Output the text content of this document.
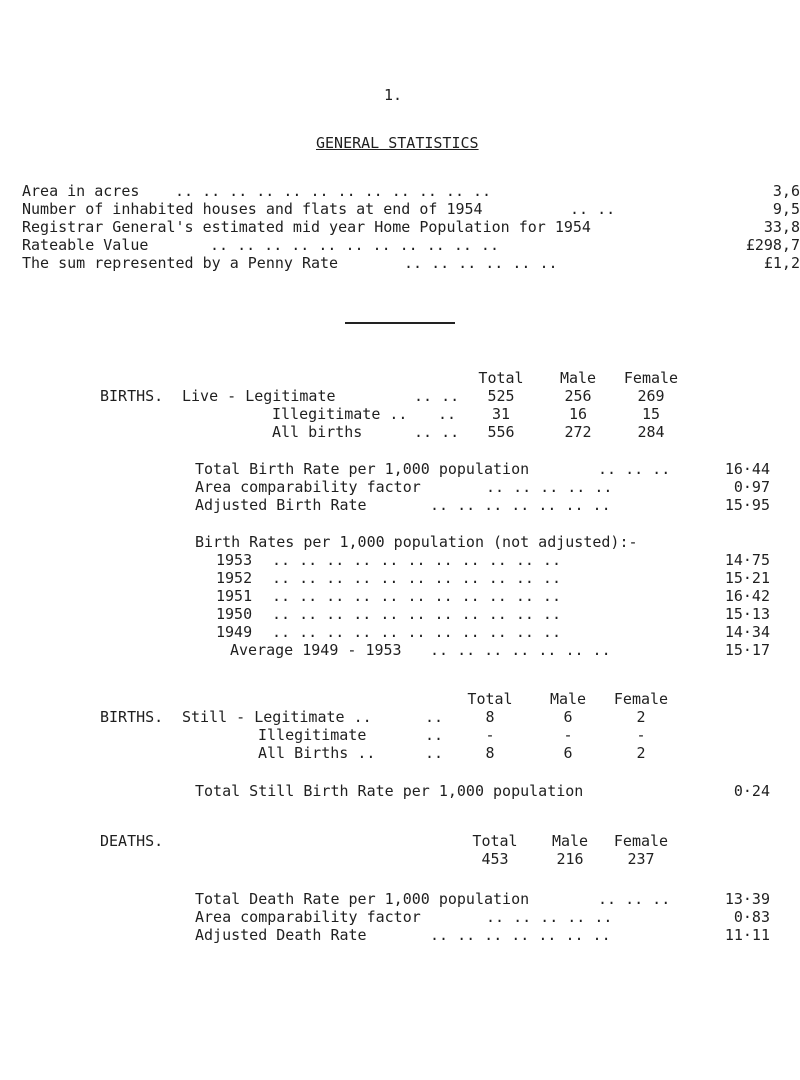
1.
GENERAL STATISTICS
Area in acres .. .. .. .. .. .. .. .. .. .. .. ..	3,6
Number of inhabited houses and flats at end of 1954	.. ..	9,5
Registrar General's estimated mid year Home Population for 1954	33,8
Rateable Value	.. .. .. .. .. .. .. .. .. .. ..	£298,7
The sum represented by a Penny Rate	.. .. .. .. .. ..	£1,2
Total	Male	Female
BIRTHS. Live - Legitimate	.. ..	525	256	269
Illegitimate .. ..	31	16	15
All births	.. ..	556	272	284
Total Birth Rate per 1,000 population	.. .. ..	16·44
Area comparability factor	.. .. .. .. ..	0·97
Adjusted Birth Rate	.. .. .. .. .. .. ..	15·95
Birth Rates per 1,000 population (not adjusted):-
1953 .. .. .. .. .. .. .. .. .. .. ..	14·75
1952 .. .. .. .. .. .. .. .. .. .. ..	15·21
1951 .. .. .. .. .. .. .. .. .. .. ..	16·42
1950 .. .. .. .. .. .. .. .. .. .. ..	15·13
1949 .. .. .. .. .. .. .. .. .. .. ..	14·34
Average 1949 - 1953 .. .. .. .. .. .. ..	15·17
Total	Male	Female
BIRTHS. Still - Legitimate ..	..	8	6	2
Illegitimate	..	-	-	-
All Births ..	..	8	6	2
Total Still Birth Rate per 1,000 population	0·24
DEATHS.	Total	Male	Female
453	216	237
Total Death Rate per 1,000 population	.. .. ..	13·39
Area comparability factor	.. .. .. .. ..	0·83
Adjusted Death Rate	.. .. .. .. .. .. ..	11·11
